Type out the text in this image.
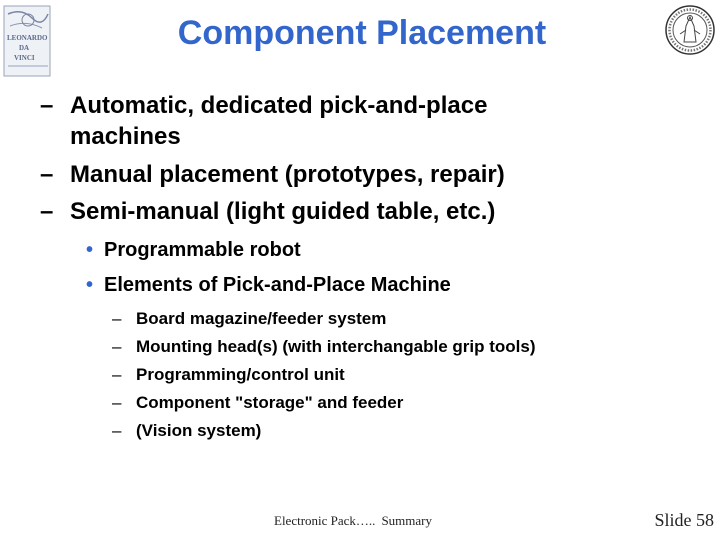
LEONARDO
DA
VINCI
Component Placement
– Automatic, dedicated pick-and-place
machines
– Manual placement (prototypes, repair)
– Semi-manual (light guided table, etc.)
• Programmable robot
• Elements of Pick-and-Place Machine
– Board magazine/feeder system
– Mounting head(s) (with interchangable grip tools)
– Programming/control unit
– Component "storage" and feeder
– (Vision system)
Electronic Pack….. Summary	Slide 58
